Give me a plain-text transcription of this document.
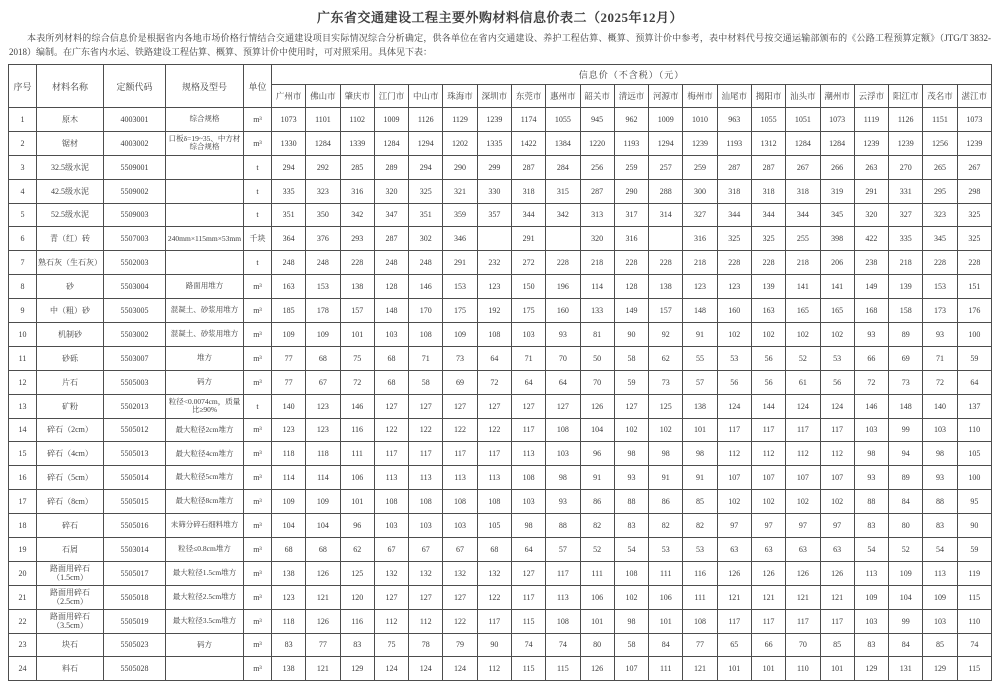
广东省交通建设工程主要外购材料信息价表二（2025年12月）

本表所列材料的综合信息价是根据省内各地市场价格行情结合交通建设项目实际情况综合分析确定，供各单位在省内交通建设、养护工程估算、概算、预算计价中参考，表中材料代号按交通运输部颁布的《公路工程预算定额》（JTG/T 3832-2018）编制。在广东省内水运、铁路建设工程估算、概算、预算计价中使用时，可对照采用。具体见下表：

序号	材料名称	定额代码	规格及型号	单位	信息价（不含税）（元）																				
					广州市	佛山市	肇庆市	江门市	中山市	珠海市	深圳市	东莞市	惠州市	韶关市	清远市	河源市	梅州市	汕尾市	揭阳市	汕头市	潮州市	云浮市	阳江市	茂名市	湛江市
1	原木	4003001	综合规格	m³	1073	1101	1102	1009	1126	1129	1239	1174	1055	945	962	1009	1010	963	1055	1051	1073	1119	1126	1151	1073
2	锯材	4003002	口板δ=19~35、中方材综合规格	m³	1330	1284	1339	1284	1294	1202	1335	1422	1384	1220	1193	1294	1239	1193	1312	1284	1284	1239	1239	1256	1239
3	32.5级水泥	5509001		t	294	292	285	289	294	290	299	287	284	256	259	257	259	287	287	267	266	263	270	265	267
4	42.5级水泥	5509002		t	335	323	316	320	325	321	330	318	315	287	290	288	300	318	318	318	319	291	331	295	298
5	52.5级水泥	5509003		t	351	350	342	347	351	359	357	344	342	313	317	314	327	344	344	344	345	320	327	323	325
6	青（红）砖	5507003	240mm×115mm×53mm	千块	364	376	293	287	302	346		291		320	316		316	325	325	255	398	422	335	345	325
7	熟石灰（生石灰）	5502003		t	248	248	228	248	248	291	232	272	228	218	228	228	218	228	228	218	206	238	218	228	228
8	砂	5503004	路面用堆方	m³	163	153	138	128	146	153	123	150	196	114	128	138	123	123	139	141	141	149	139	153	151
9	中（粗）砂	5503005	混凝土、砂浆用堆方	m³	185	178	157	148	170	175	192	175	160	133	149	157	148	160	163	165	165	168	158	173	176
10	机制砂	5503002	混凝土、砂浆用堆方	m³	109	109	101	103	108	109	108	103	93	81	90	92	91	102	102	102	102	93	89	93	100
11	砂砾	5503007	堆方	m³	77	68	75	68	71	73	64	71	70	50	58	62	55	53	56	52	53	66	69	71	59
12	片石	5505003	码方	m³	77	67	72	68	58	69	72	64	64	70	59	73	57	56	56	61	56	72	73	72	64
13	矿粉	5502013	粒径<0.0074cm，质量比≥90%	t	140	123	146	127	127	127	127	127	127	126	127	125	138	124	144	124	124	146	148	140	137
14	碎石（2cm）	5505012	最大粒径2cm堆方	m³	123	123	116	122	122	122	122	117	108	104	102	102	101	117	117	117	117	103	99	103	110
15	碎石（4cm）	5505013	最大粒径4cm堆方	m³	118	118	111	117	117	117	117	113	103	96	98	98	98	112	112	112	112	98	94	98	105
16	碎石（5cm）	5505014	最大粒径5cm堆方	m³	114	114	106	113	113	113	113	108	98	91	93	91	91	107	107	107	107	93	89	93	100
17	碎石（8cm）	5505015	最大粒径8cm堆方	m³	109	109	101	108	108	108	108	103	93	86	88	86	85	102	102	102	102	88	84	88	95
18	碎石	5505016	未筛分碎石细料堆方	m³	104	104	96	103	103	103	105	98	88	82	83	82	82	97	97	97	97	83	80	83	90
19	石屑	5503014	粒径≤0.8cm堆方	m³	68	68	62	67	67	67	68	64	57	52	54	53	53	63	63	63	63	54	52	54	59
20	路面用碎石（1.5cm）	5505017	最大粒径1.5cm堆方	m³	138	126	125	132	132	132	132	127	117	111	108	111	116	126	126	126	126	113	109	113	119
21	路面用碎石（2.5cm）	5505018	最大粒径2.5cm堆方	m³	123	121	120	127	127	127	122	117	113	106	102	106	111	121	121	121	121	109	104	109	115
22	路面用碎石（3.5cm）	5505019	最大粒径3.5cm堆方	m³	118	126	116	112	112	122	117	115	108	101	98	101	108	117	117	117	117	103	99	103	110
23	块石	5505023	码方	m³	83	77	83	75	78	79	90	74	74	80	58	84	77	65	66	70	85	83	84	85	74
24	料石	5505028		m³	138	121	129	124	124	124	112	115	115	126	107	111	121	101	101	110	101	129	131	129	115
